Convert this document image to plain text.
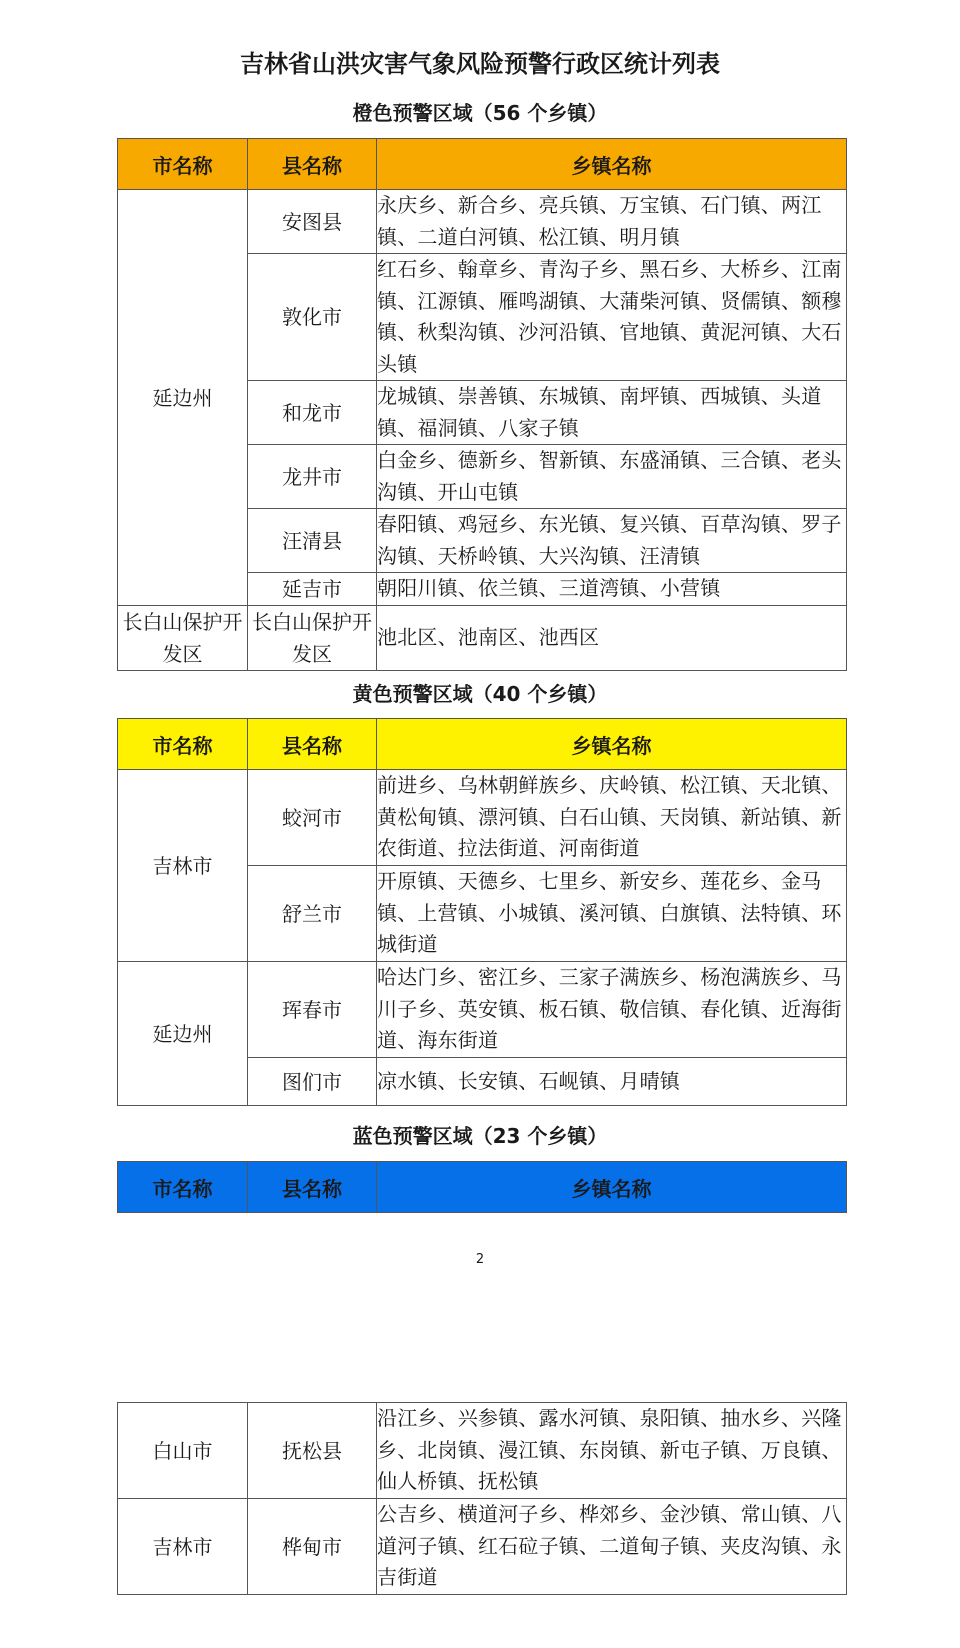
吉林省山洪灾害气象风险预警行政区统计列表
橙色预警区域（56 个乡镇）
市名称	县名称	乡镇名称
延边州	安图县	永庆乡、新合乡、亮兵镇、万宝镇、石门镇、两江镇、二道白河镇、松江镇、明月镇
	敦化市	红石乡、翰章乡、青沟子乡、黑石乡、大桥乡、江南镇、江源镇、雁鸣湖镇、大蒲柴河镇、贤儒镇、额穆镇、秋梨沟镇、沙河沿镇、官地镇、黄泥河镇、大石头镇
	和龙市	龙城镇、崇善镇、东城镇、南坪镇、西城镇、头道镇、福洞镇、八家子镇
	龙井市	白金乡、德新乡、智新镇、东盛涌镇、三合镇、老头沟镇、开山屯镇
	汪清县	春阳镇、鸡冠乡、东光镇、复兴镇、百草沟镇、罗子沟镇、天桥岭镇、大兴沟镇、汪清镇
	延吉市	朝阳川镇、依兰镇、三道湾镇、小营镇
长白山保护开发区	长白山保护开发区	池北区、池南区、池西区
黄色预警区域（40 个乡镇）
市名称	县名称	乡镇名称
吉林市	蛟河市	前进乡、乌林朝鲜族乡、庆岭镇、松江镇、天北镇、黄松甸镇、漂河镇、白石山镇、天岗镇、新站镇、新农街道、拉法街道、河南街道
	舒兰市	开原镇、天德乡、七里乡、新安乡、莲花乡、金马镇、上营镇、小城镇、溪河镇、白旗镇、法特镇、环城街道
延边州	珲春市	哈达门乡、密江乡、三家子满族乡、杨泡满族乡、马川子乡、英安镇、板石镇、敬信镇、春化镇、近海街道、海东街道
	图们市	凉水镇、长安镇、石岘镇、月晴镇
蓝色预警区域（23 个乡镇）
市名称	县名称	乡镇名称
2
白山市	抚松县	沿江乡、兴参镇、露水河镇、泉阳镇、抽水乡、兴隆乡、北岗镇、漫江镇、东岗镇、新屯子镇、万良镇、仙人桥镇、抚松镇
吉林市	桦甸市	公吉乡、横道河子乡、桦郊乡、金沙镇、常山镇、八道河子镇、红石砬子镇、二道甸子镇、夹皮沟镇、永吉街道
